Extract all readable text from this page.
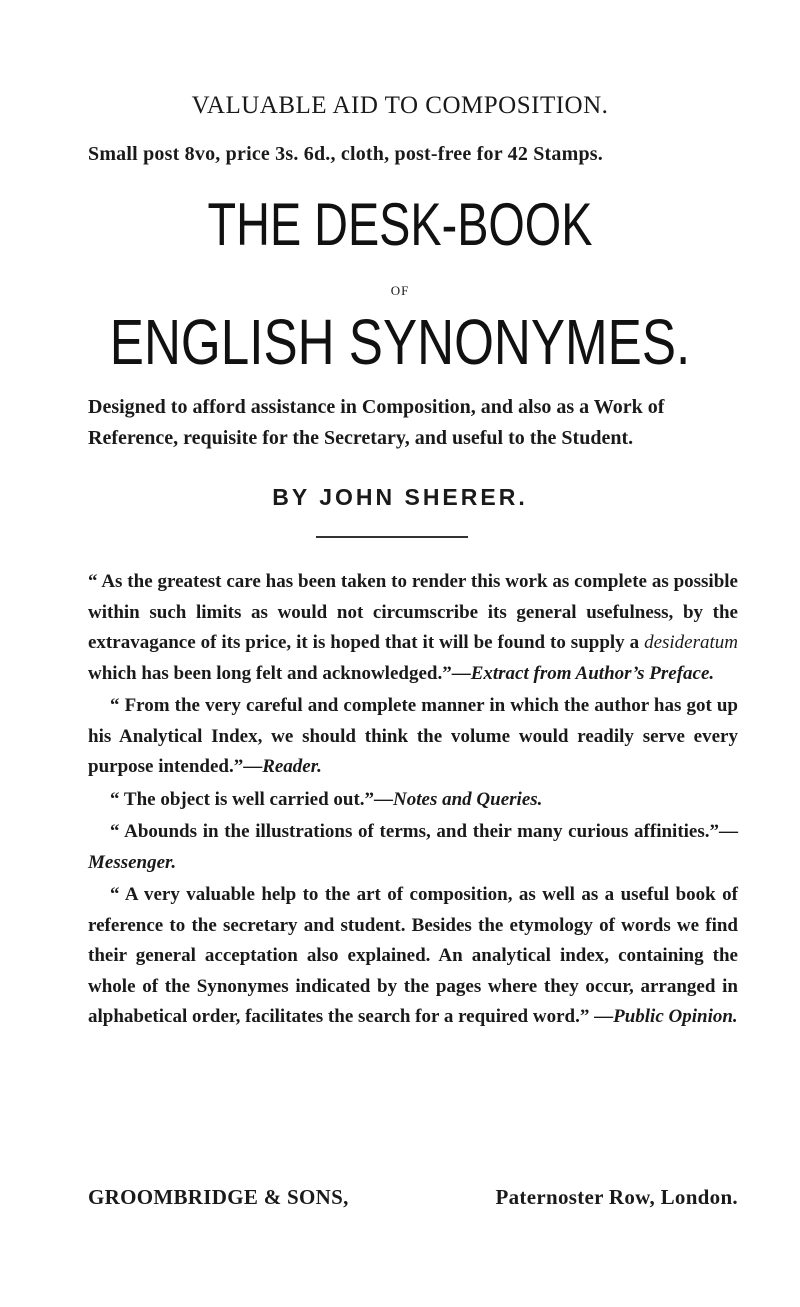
VALUABLE AID TO COMPOSITION.
Small post 8vo, price 3s. 6d., cloth, post-free for 42 Stamps.
THE DESK-BOOK
OF
ENGLISH SYNONYMES.
Designed to afford assistance in Composition, and also as a Work of Reference, requisite for the Secretary, and useful to the Student.
BY JOHN SHERER.

“ As the greatest care has been taken to render this work as complete as possible within such limits as would not circumscribe its general usefulness, by the extravagance of its price, it is hoped that it will be found to supply a desideratum which has been long felt and acknowledged.”—Extract from Author’s Preface.

“ From the very careful and complete manner in which the author has got up his Analytical Index, we should think the volume would readily serve every purpose intended.”—Reader.

“ The object is well carried out.”—Notes and Queries.

“ Abounds in the illustrations of terms, and their many curious affinities.”—Messenger.

“ A very valuable help to the art of composition, as well as a useful book of reference to the secretary and student. Besides the etymology of words we find their general acceptation also explained. An analytical index, containing the whole of the Synonymes indicated by the pages where they occur, arranged in alphabetical order, facilitates the search for a required word.” —Public Opinion.

GROOMBRIDGE & SONS,	Paternoster Row, London.
